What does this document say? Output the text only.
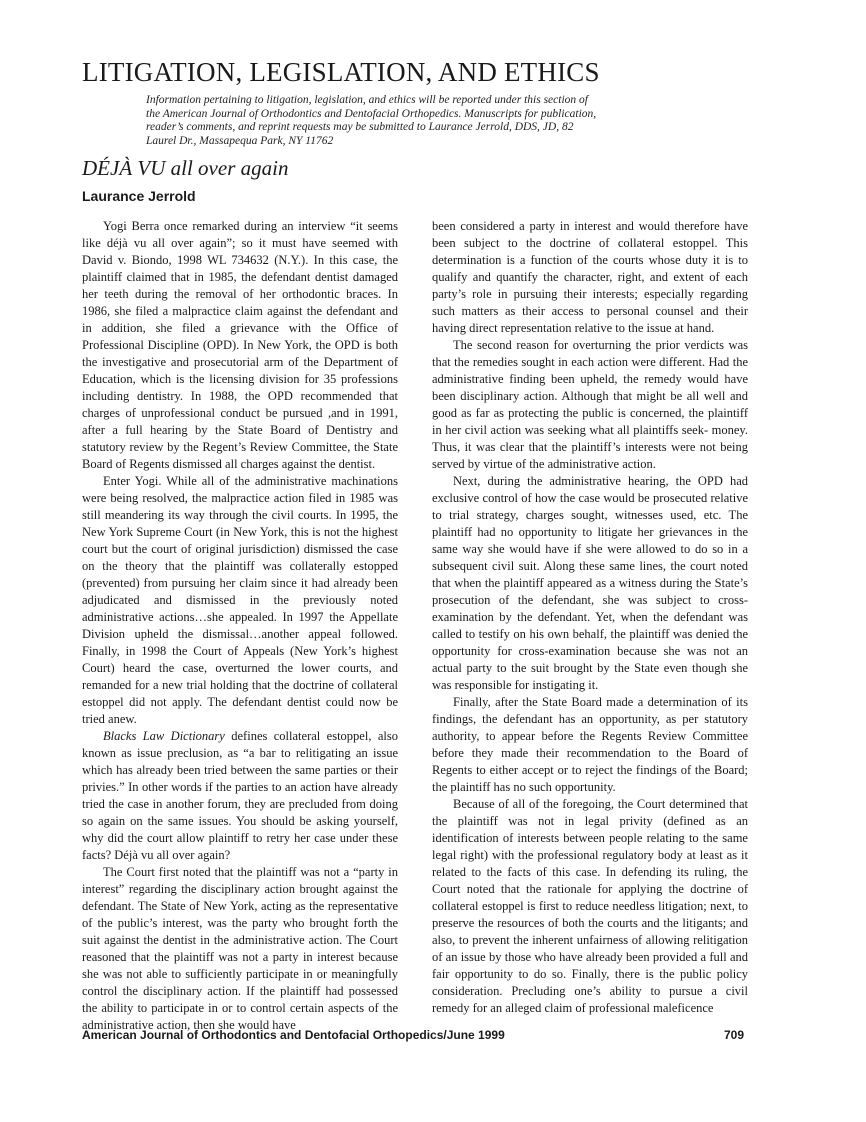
LITIGATION, LEGISLATION, AND ETHICS

Information pertaining to litigation, legislation, and ethics will be reported under this section of the American Journal of Orthodontics and Dentofacial Orthopedics. Manuscripts for publication, reader’s comments, and reprint requests may be submitted to Laurance Jerrold, DDS, JD, 82 Laurel Dr., Massapequa Park, NY 11762

DÉJÀ VU all over again

Laurance Jerrold

Yogi Berra once remarked during an interview “it seems like déjà vu all over again”; so it must have seemed with David v. Biondo, 1998 WL 734632 (N.Y.). In this case, the plaintiff claimed that in 1985, the defendant dentist damaged her teeth during the removal of her orthodontic braces. In 1986, she filed a malpractice claim against the defendant and in addition, she filed a grievance with the Office of Professional Discipline (OPD). In New York, the OPD is both the investigative and prosecutorial arm of the Department of Education, which is the licensing division for 35 professions including dentistry. In 1988, the OPD recommended that charges of unprofessional conduct be pursued ,and in 1991, after a full hearing by the State Board of Dentistry and statutory review by the Regent’s Review Committee, the State Board of Regents dismissed all charges against the dentist.

Enter Yogi. While all of the administrative machinations were being resolved, the malpractice action filed in 1985 was still meandering its way through the civil courts. In 1995, the New York Supreme Court (in New York, this is not the highest court but the court of original jurisdiction) dismissed the case on the theory that the plaintiff was collaterally estopped (prevented) from pursuing her claim since it had already been adjudicated and dismissed in the previously noted administrative actions…she appealed. In 1997 the Appellate Division upheld the dismissal…another appeal followed. Finally, in 1998 the Court of Appeals (New York’s highest Court) heard the case, overturned the lower courts, and remanded for a new trial holding that the doctrine of collateral estoppel did not apply. The defendant dentist could now be tried anew.

Blacks Law Dictionary defines collateral estoppel, also known as issue preclusion, as “a bar to relitigating an issue which has already been tried between the same parties or their privies.” In other words if the parties to an action have already tried the case in another forum, they are precluded from doing so again on the same issues. You should be asking yourself, why did the court allow plaintiff to retry her case under these facts? Déjà vu all over again?

The Court first noted that the plaintiff was not a “party in interest” regarding the disciplinary action brought against the defendant. The State of New York, acting as the representative of the public’s interest, was the party who brought forth the suit against the dentist in the administrative action. The Court reasoned that the plaintiff was not a party in interest because she was not able to sufficiently participate in or meaningfully control the disciplinary action. If the plaintiff had possessed the ability to participate in or to control certain aspects of the administrative action, then she would have

been considered a party in interest and would therefore have been subject to the doctrine of collateral estoppel. This determination is a function of the courts whose duty it is to qualify and quantify the character, right, and extent of each party’s role in pursuing their interests; especially regarding such matters as their access to personal counsel and their having direct representation relative to the issue at hand.

The second reason for overturning the prior verdicts was that the remedies sought in each action were different. Had the administrative finding been upheld, the remedy would have been disciplinary action. Although that might be all well and good as far as protecting the public is concerned, the plaintiff in her civil action was seeking what all plaintiffs seek- money. Thus, it was clear that the plaintiff’s interests were not being served by virtue of the administrative action.

Next, during the administrative hearing, the OPD had exclusive control of how the case would be prosecuted relative to trial strategy, charges sought, witnesses used, etc. The plaintiff had no opportunity to litigate her grievances in the same way she would have if she were allowed to do so in a subsequent civil suit. Along these same lines, the court noted that when the plaintiff appeared as a witness during the State’s prosecution of the defendant, she was subject to cross-examination by the defendant. Yet, when the defendant was called to testify on his own behalf, the plaintiff was denied the opportunity for cross-examination because she was not an actual party to the suit brought by the State even though she was responsible for instigating it.

Finally, after the State Board made a determination of its findings, the defendant has an opportunity, as per statutory authority, to appear before the Regents Review Committee before they made their recommendation to the Board of Regents to either accept or to reject the findings of the Board; the plaintiff has no such opportunity.

Because of all of the foregoing, the Court determined that the plaintiff was not in legal privity (defined as an identification of interests between people relating to the same legal right) with the professional regulatory body at least as it related to the facts of this case. In defending its ruling, the Court noted that the rationale for applying the doctrine of collateral estoppel is first to reduce needless litigation; next, to preserve the resources of both the courts and the litigants; and also, to prevent the inherent unfairness of allowing relitigation of an issue by those who have already been provided a full and fair opportunity to do so. Finally, there is the public policy consideration. Precluding one’s ability to pursue a civil remedy for an alleged claim of professional maleficence

American Journal of Orthodontics and Dentofacial Orthopedics/June 1999	709
